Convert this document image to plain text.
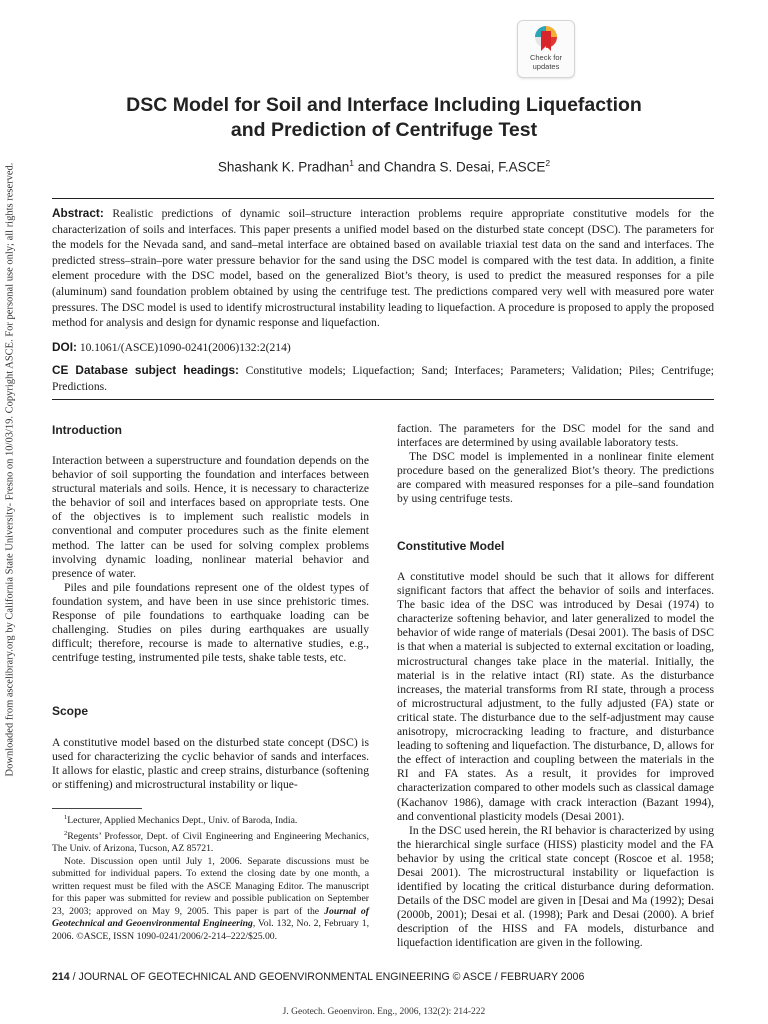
Downloaded from ascelibrary.org by California State University- Fresno on 10/03/19. Copyright ASCE. For personal use only; all rights reserved.
Check for
updates
DSC Model for Soil and Interface Including Liquefaction
and Prediction of Centrifuge Test
Shashank K. Pradhan$^1$ and Chandra S. Desai, F.ASCE$^2$
Abstract: Realistic predictions of dynamic soil–structure interaction problems require appropriate constitutive models for the characterization of soils and interfaces. This paper presents a unified model based on the disturbed state concept (DSC). The parameters for the models for the Nevada sand, and sand–metal interface are obtained based on available triaxial test data on the sand and interfaces. The predicted stress–strain–pore water pressure behavior for the sand using the DSC model is compared with the test data. In addition, a finite element procedure with the DSC model, based on the generalized Biot’s theory, is used to predict the measured responses for a pile (aluminum) sand foundation problem obtained by using the centrifuge test. The predictions compared very well with measured pore water pressures. The DSC model is used to identify microstructural instability leading to liquefaction. A procedure is proposed to apply the proposed method for analysis and design for dynamic response and liquefaction.
DOI: 10.1061/(ASCE)1090-0241(2006)132:2(214)
CE Database subject headings: Constitutive models; Liquefaction; Sand; Interfaces; Parameters; Validation; Piles; Centrifuge; Predictions.
Introduction

Interaction between a superstructure and foundation depends on the behavior of soil supporting the foundation and interfaces between structural materials and soils. Hence, it is necessary to characterize the behavior of soil and interfaces based on appropriate tests. One of the objectives is to implement such realistic models in conventional and computer procedures such as the finite element method. The latter can be used for solving complex problems involving dynamic loading, nonlinear material behavior and presence of water.

Piles and pile foundations represent one of the oldest types of foundation system, and have been in use since prehistoric times. Response of pile foundations to earthquake loading can be challenging. Studies on piles during earthquakes are usually difficult; therefore, recourse is made to alternative studies, e.g., centrifuge testing, instrumented pile tests, shake table tests, etc.

Scope

A constitutive model based on the disturbed state concept (DSC) is used for characterizing the cyclic behavior of sands and interfaces. It allows for elastic, plastic and creep strains, disturbance (softening or stiffening) and microstructural instability or lique-

$^1$Lecturer, Applied Mechanics Dept., Univ. of Baroda, India.

$^2$Regents’ Professor, Dept. of Civil Engineering and Engineering Mechanics, The Univ. of Arizona, Tucson, AZ 85721.

Note. Discussion open until July 1, 2006. Separate discussions must be submitted for individual papers. To extend the closing date by one month, a written request must be filed with the ASCE Managing Editor. The manuscript for this paper was submitted for review and possible publication on September 23, 2003; approved on May 9, 2005. This paper is part of the Journal of Geotechnical and Geoenvironmental Engineering, Vol. 132, No. 2, February 1, 2006. ©ASCE, ISSN 1090-0241/2006/2-214–222/$25.00.

faction. The parameters for the DSC model for the sand and interfaces are determined by using available laboratory tests.

The DSC model is implemented in a nonlinear finite element procedure based on the generalized Biot’s theory. The predictions are compared with measured responses for a pile–sand foundation by using centrifuge tests.

Constitutive Model

A constitutive model should be such that it allows for different significant factors that affect the behavior of soils and interfaces. The basic idea of the DSC was introduced by Desai (1974) to characterize softening behavior, and later generalized to model the behavior of wide range of materials (Desai 2001). The basis of DSC is that when a material is subjected to external excitation or loading, microstructural changes take place in the material. Initially, the material is in the relative intact (RI) state. As the disturbance increases, the material transforms from RI state, through a process of microstructural adjustment, to the fully adjusted (FA) state or critical state. The disturbance due to the self-adjustment may cause anisotropy, microcracking leading to fracture, and disturbance leading to softening and liquefaction. The disturbance, D, allows for the effect of interaction and coupling between the materials in the RI and FA states. As a result, it provides for improved characterization compared to other models such as classical damage (Kachanov 1986), damage with crack interaction (Bazant 1994), and conventional plasticity models (Desai 2001).

In the DSC used herein, the RI behavior is characterized by using the hierarchical single surface (HISS) plasticity model and the FA behavior by using the critical state concept (Roscoe et al. 1958; Desai 2001). The microstructural instability or liquefaction is identified by locating the critical disturbance during deformation. Details of the DSC model are given in [Desai and Ma (1992); Desai (2000b, 2001); Desai et al. (1998); Park and Desai (2000). A brief description of the HISS and FA models, disturbance and liquefaction identification are given in the following.

214 / JOURNAL OF GEOTECHNICAL AND GEOENVIRONMENTAL ENGINEERING © ASCE / FEBRUARY 2006
J. Geotech. Geoenviron. Eng., 2006, 132(2): 214-222
